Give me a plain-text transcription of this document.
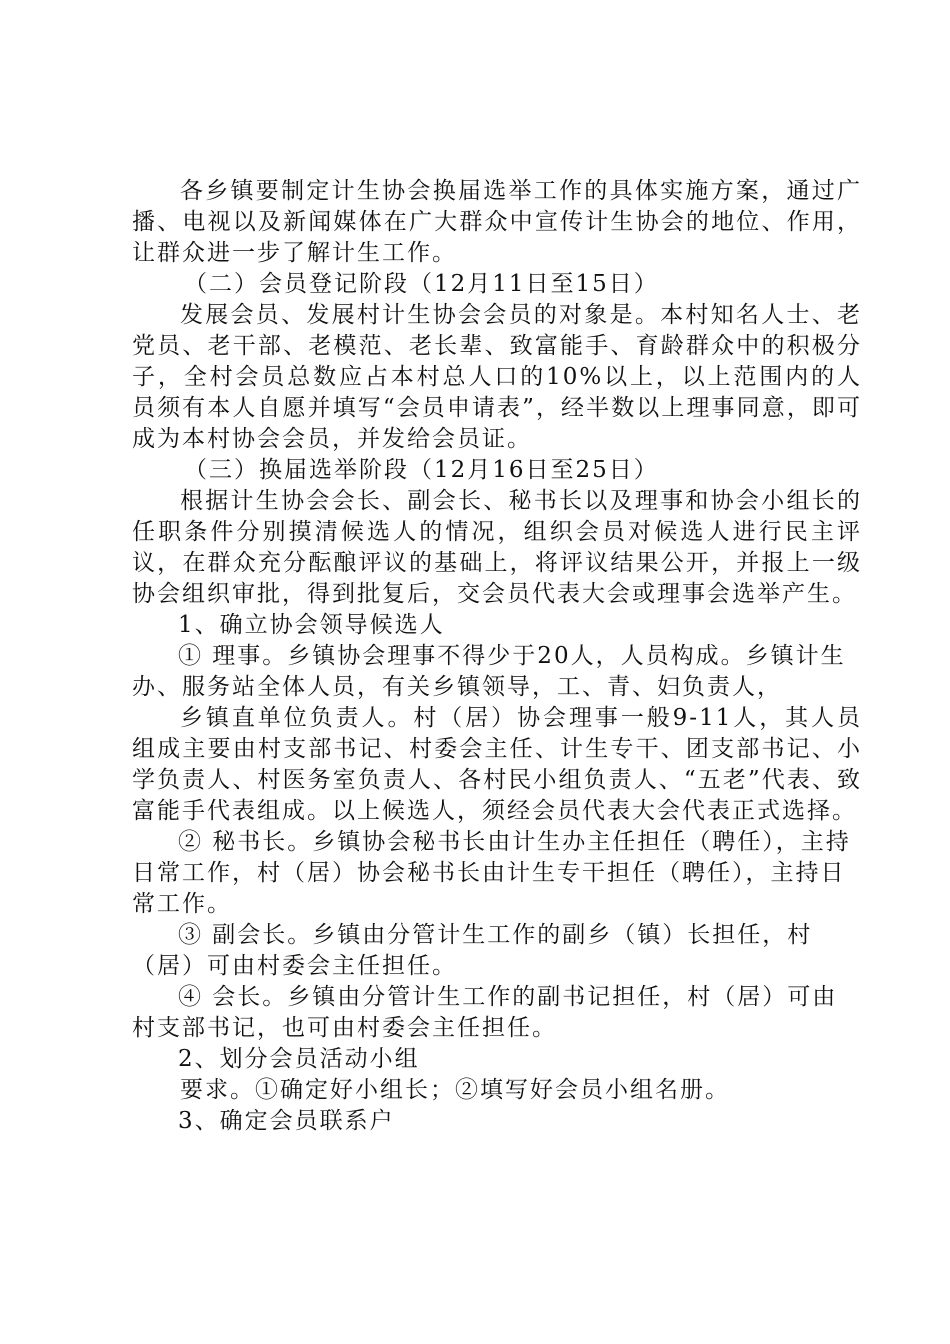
各乡镇要制定计生协会换届选举工作的具体实施方案，通过广播、电视以及新闻媒体在广大群众中宣传计生协会的地位、作用，让群众进一步了解计生工作。

（二）会员登记阶段（12月11日至15日）

发展会员、发展村计生协会会员的对象是。本村知名人士、老党员、老干部、老模范、老长辈、致富能手、育龄群众中的积极分子，全村会员总数应占本村总人口的10%以上，以上范围内的人员须有本人自愿并填写“会员申请表”，经半数以上理事同意，即可成为本村协会会员，并发给会员证。

（三）换届选举阶段（12月16日至25日）

根据计生协会会长、副会长、秘书长以及理事和协会小组长的任职条件分别摸清候选人的情况，组织会员对候选人进行民主评议，在群众充分酝酿评议的基础上，将评议结果公开，并报上一级协会组织审批，得到批复后，交会员代表大会或理事会选举产生。

1、确立协会领导候选人

① 理事。乡镇协会理事不得少于20人，人员构成。乡镇计生办、服务站全体人员，有关乡镇领导，工、青、妇负责人，

乡镇直单位负责人。村（居）协会理事一般9-11人，其人员组成主要由村支部书记、村委会主任、计生专干、团支部书记、小学负责人、村医务室负责人、各村民小组负责人、“五老”代表、致富能手代表组成。以上候选人，须经会员代表大会代表正式选择。

② 秘书长。乡镇协会秘书长由计生办主任担任（聘任），主持日常工作，村（居）协会秘书长由计生专干担任（聘任），主持日常工作。

③ 副会长。乡镇由分管计生工作的副乡（镇）长担任，村（居）可由村委会主任担任。

④ 会长。乡镇由分管计生工作的副书记担任，村（居）可由村支部书记，也可由村委会主任担任。

2、划分会员活动小组

要求。①确定好小组长；②填写好会员小组名册。

3、确定会员联系户
